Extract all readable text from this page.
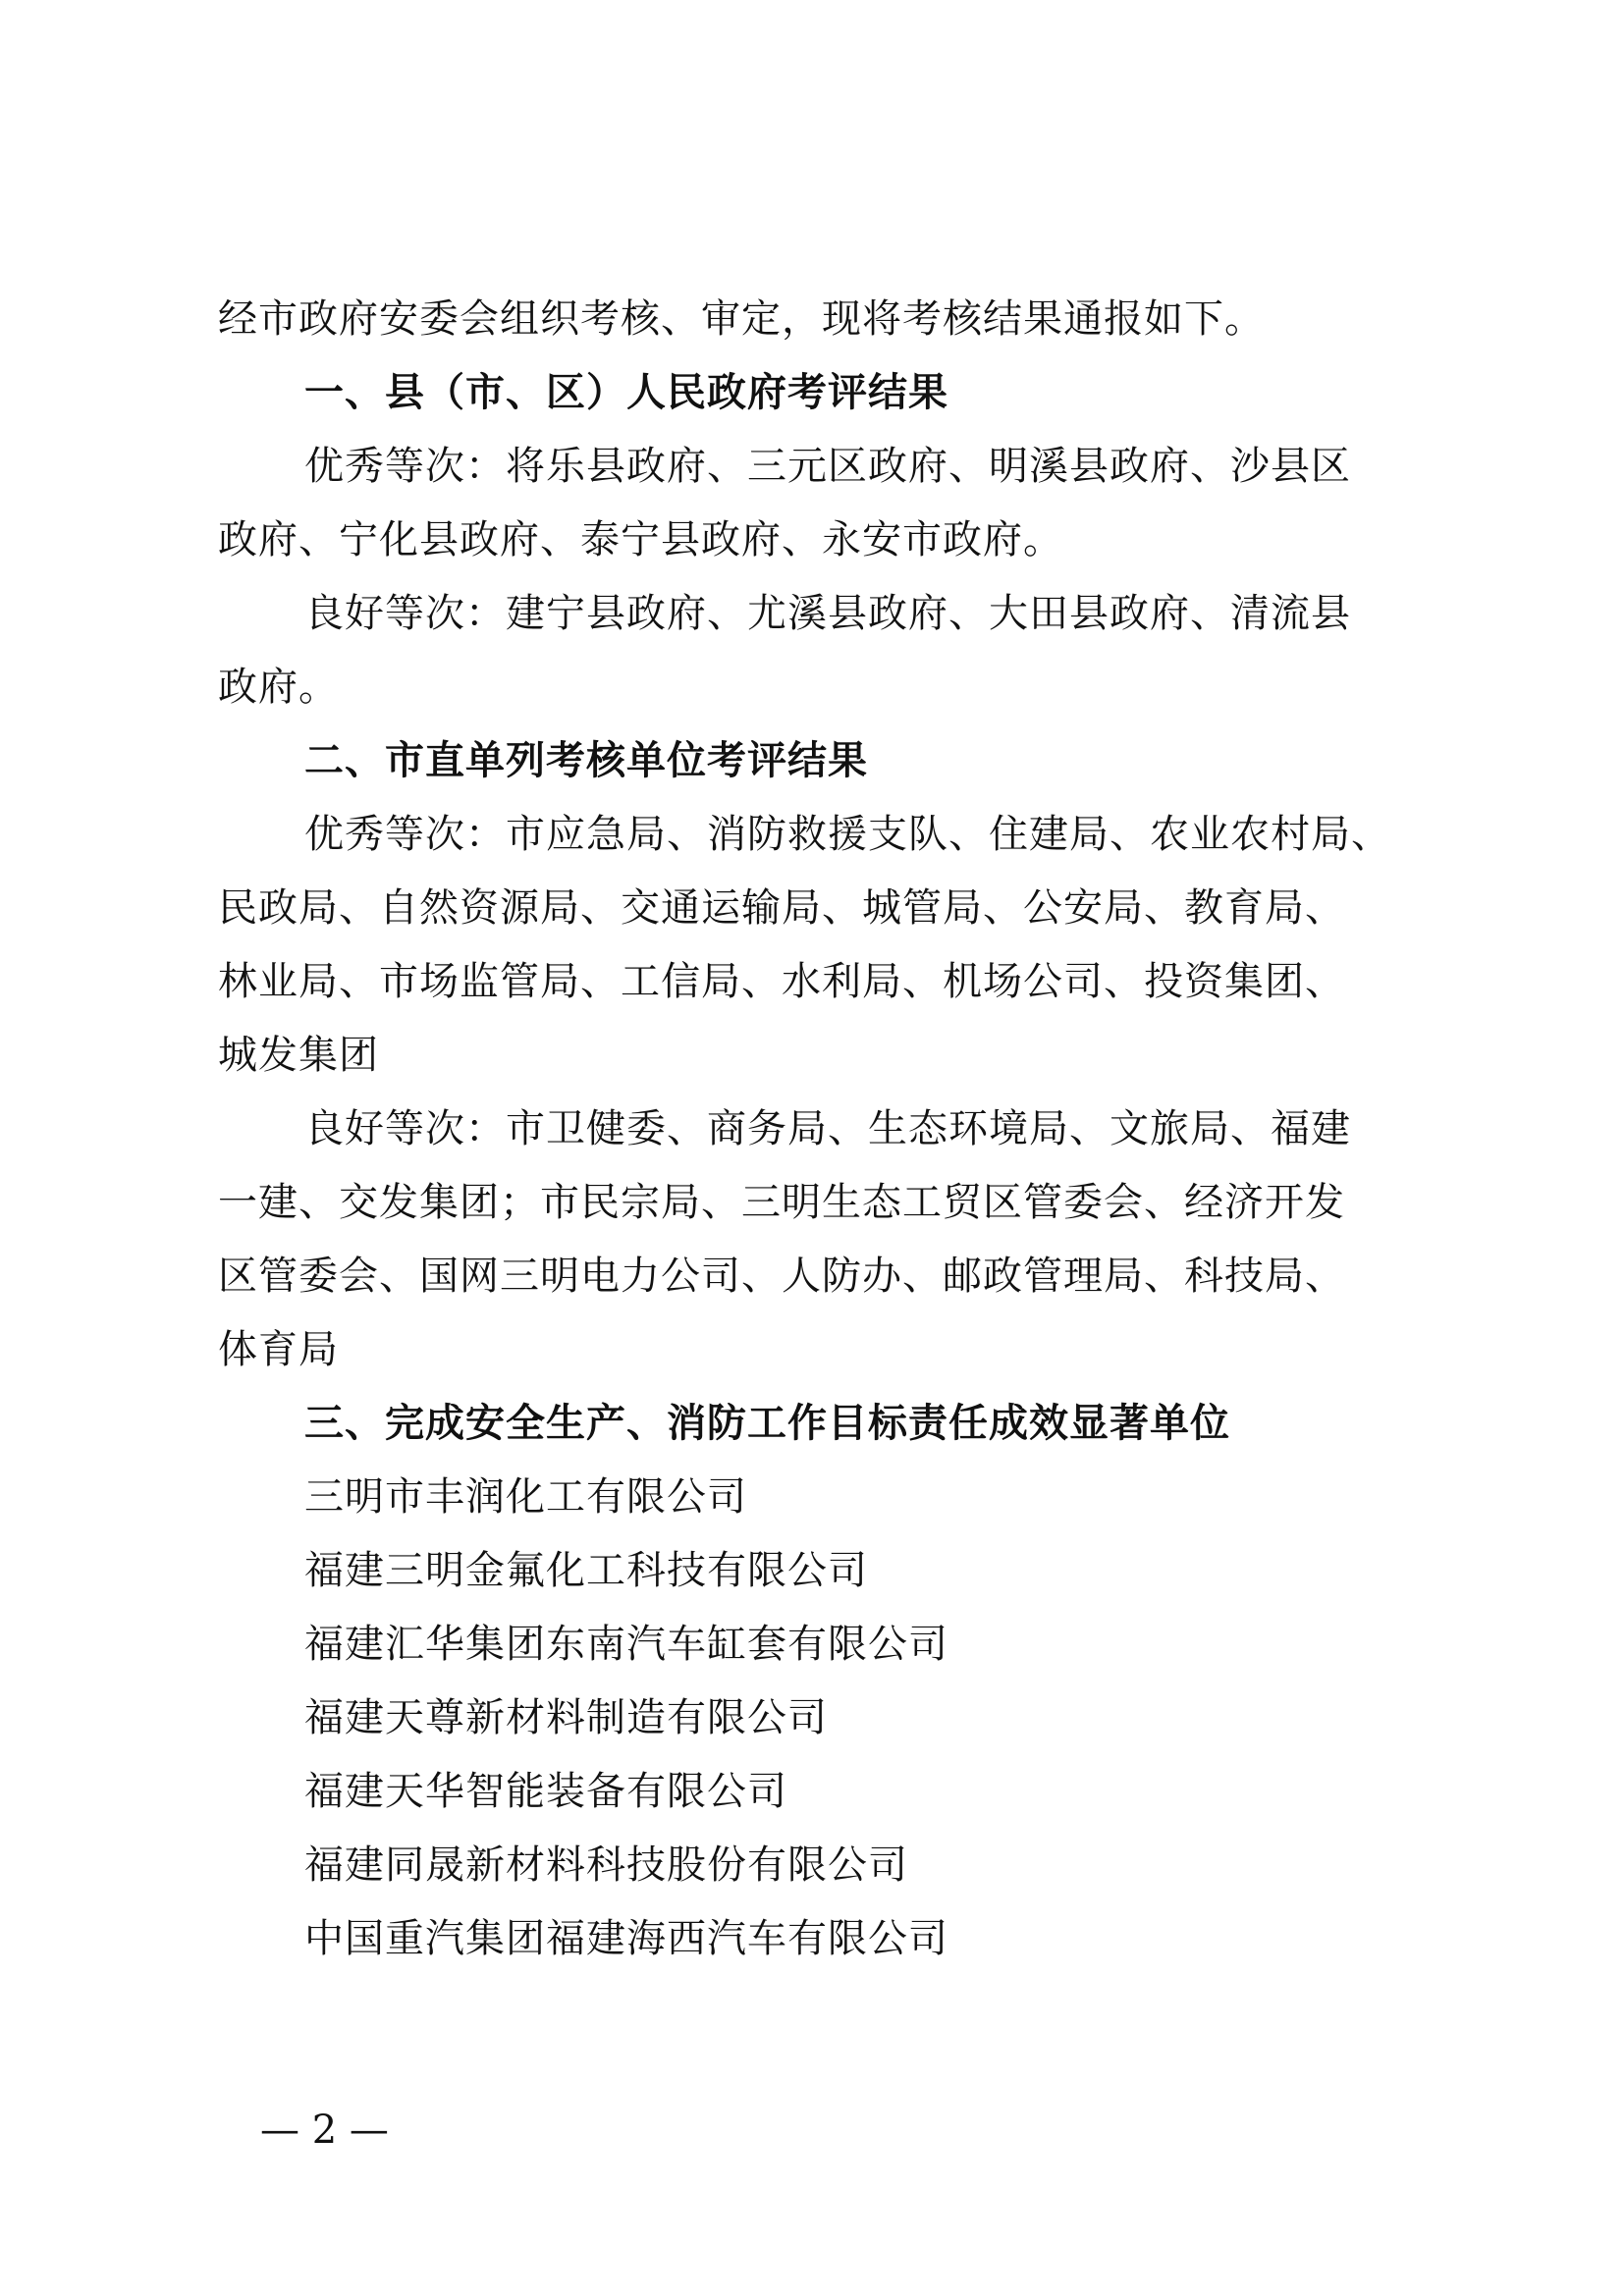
经市政府安委会组织考核、审定，现将考核结果通报如下。
一、县（市、区）人民政府考评结果
优秀等次：将乐县政府、三元区政府、明溪县政府、沙县区
政府、宁化县政府、泰宁县政府、永安市政府。
良好等次：建宁县政府、尤溪县政府、大田县政府、清流县
政府。
二、市直单列考核单位考评结果
优秀等次：市应急局、消防救援支队、住建局、农业农村局、
民政局、自然资源局、交通运输局、城管局、公安局、教育局、
林业局、市场监管局、工信局、水利局、机场公司、投资集团、
城发集团
良好等次：市卫健委、商务局、生态环境局、文旅局、福建
一建、交发集团；市民宗局、三明生态工贸区管委会、经济开发
区管委会、国网三明电力公司、人防办、邮政管理局、科技局、
体育局
三、完成安全生产、消防工作目标责任成效显著单位
三明市丰润化工有限公司
福建三明金氟化工科技有限公司
福建汇华集团东南汽车缸套有限公司
福建天尊新材料制造有限公司
福建天华智能装备有限公司
福建同晟新材料科技股份有限公司
中国重汽集团福建海西汽车有限公司
— 2 —
